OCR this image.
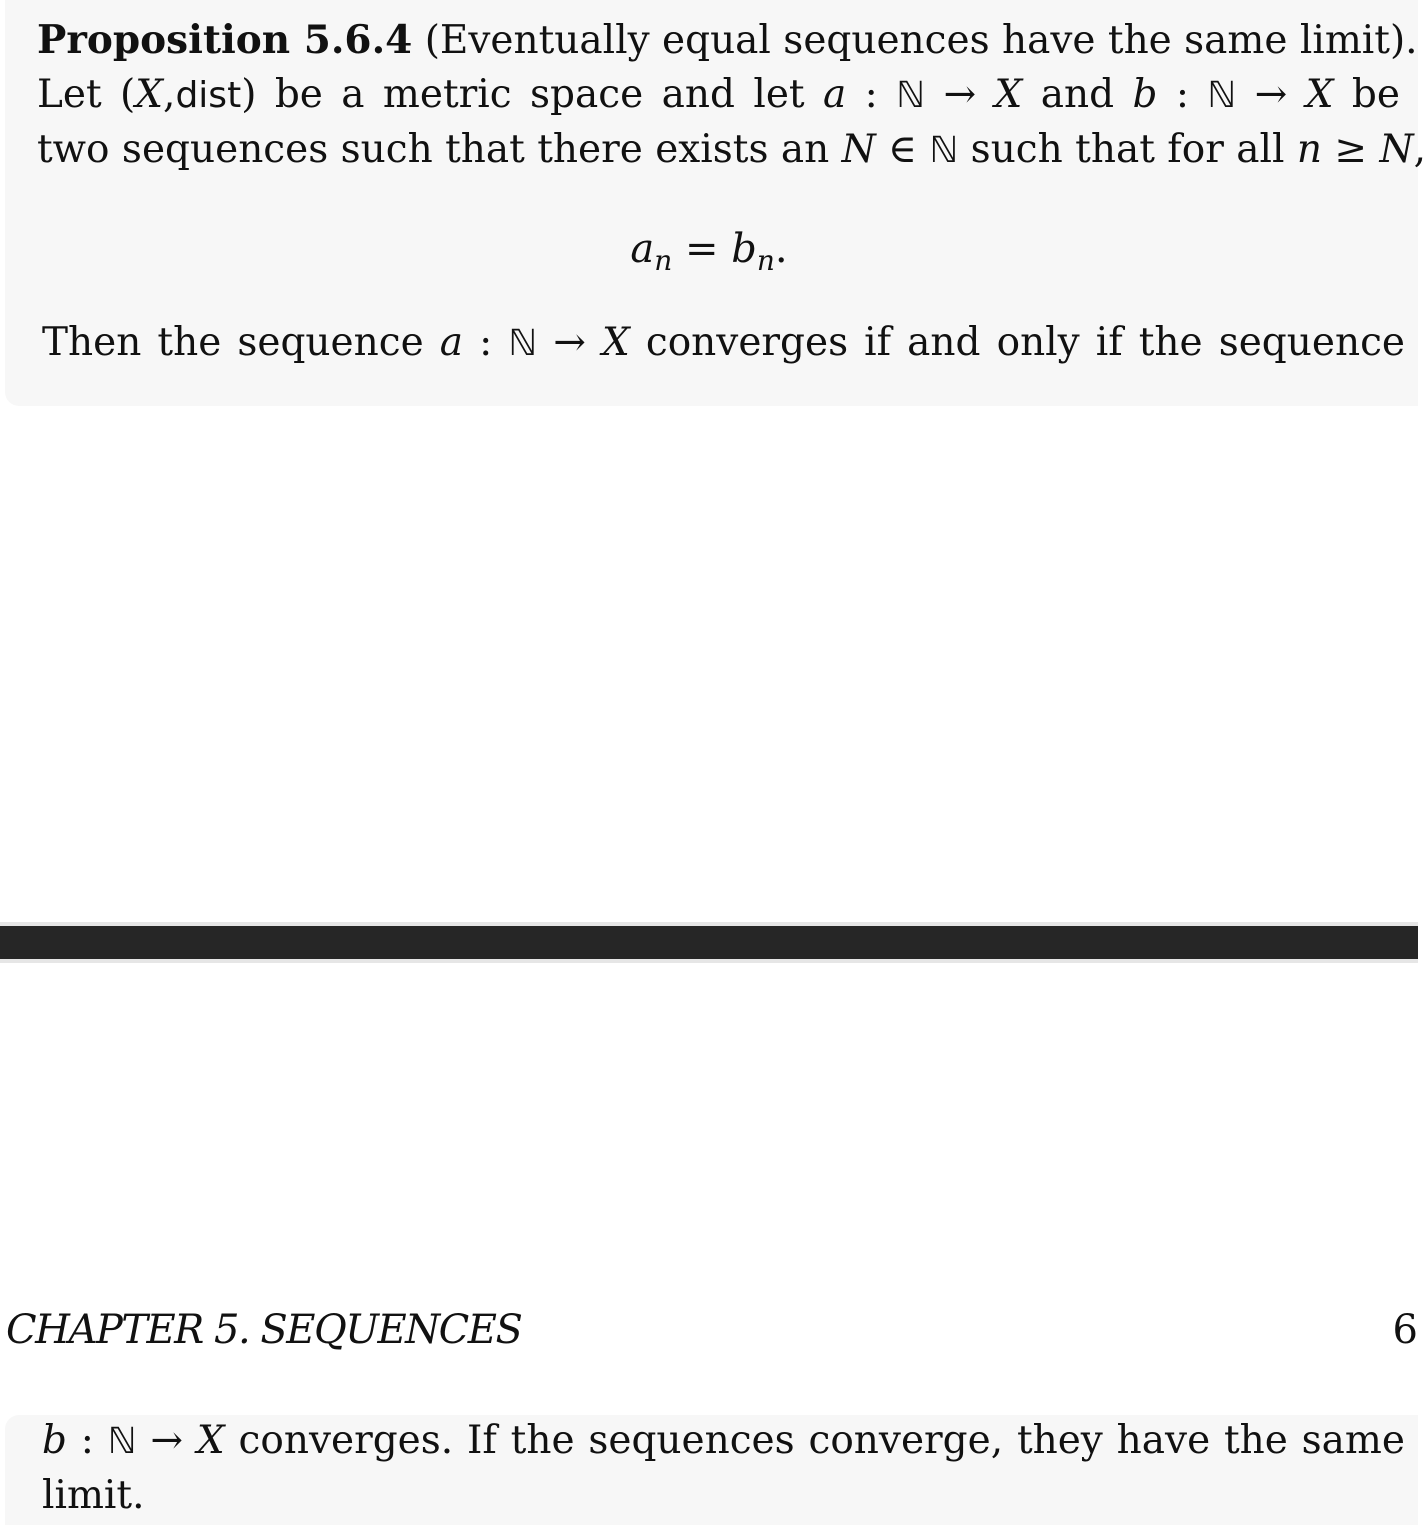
Proposition 5.6.4 (Eventually equal sequences have the same limit).
Let (X,dist) be a metric space and let a : ℕ → X and b : ℕ → X be
two sequences such that there exists an N ∈ ℕ such that for all n ≥ N,
$a_n = b_n$.
Then the sequence a : ℕ → X converges if and only if the sequence
CHAPTER 5. SEQUENCES	6
b : ℕ → X converges. If the sequences converge, they have the same
limit.
